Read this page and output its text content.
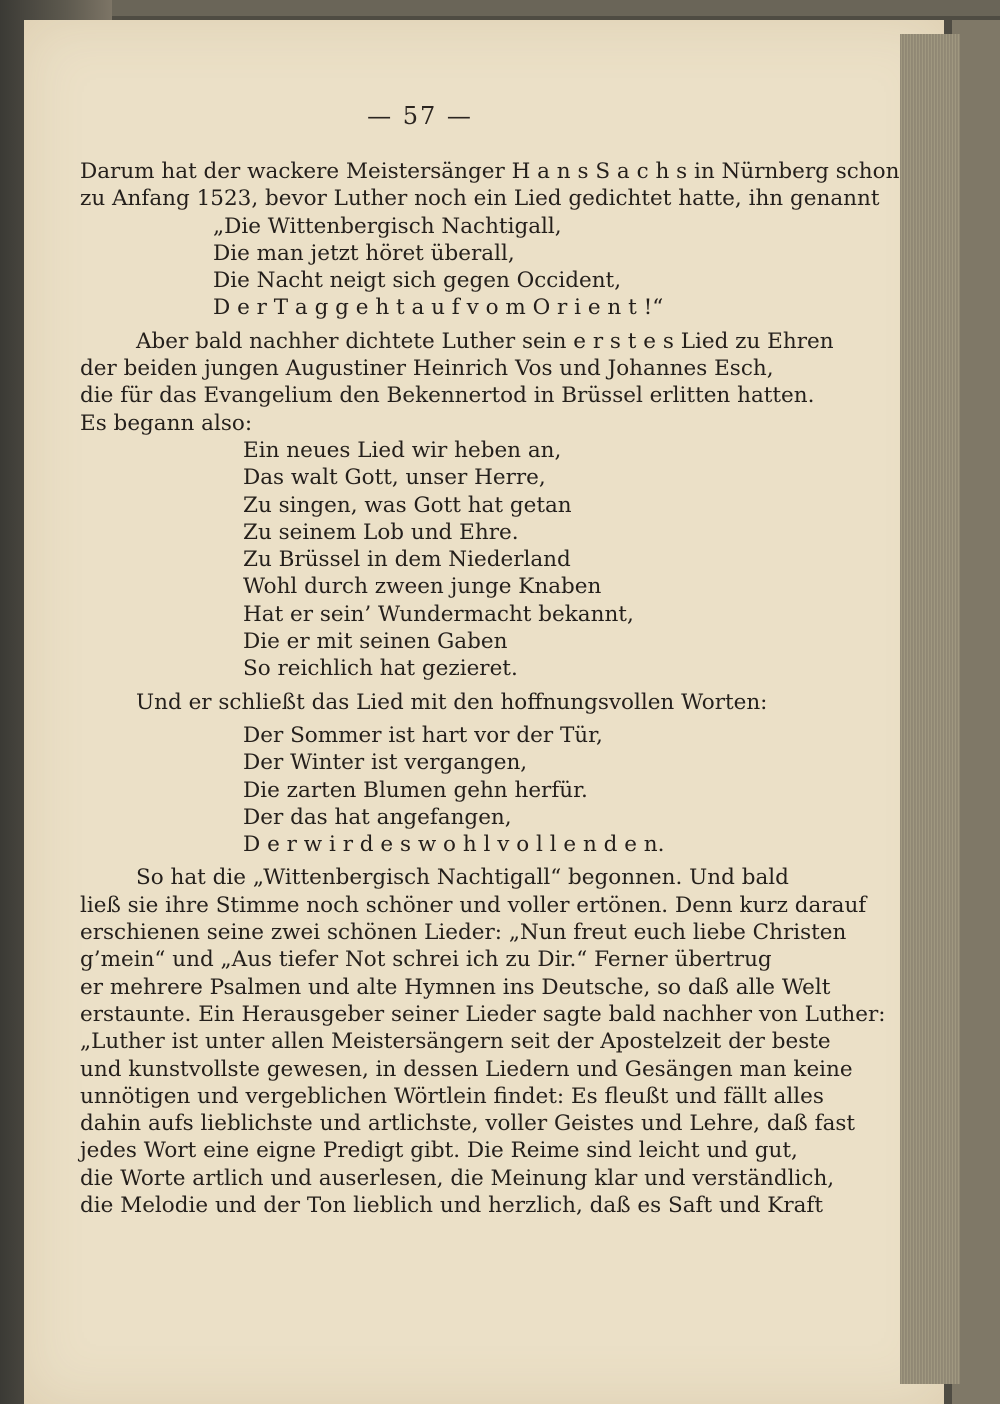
— 57 —
Darum hat der wackere Meistersänger H a n s S a c h s in Nürnberg schon
zu Anfang 1523, bevor Luther noch ein Lied gedichtet hatte, ihn genannt
„Die Wittenbergisch Nachtigall,
Die man jetzt höret überall,
Die Nacht neigt sich gegen Occident,
D e r T a g g e h t a u f v o m O r i e n t !“
Aber bald nachher dichtete Luther sein e r s t e s Lied zu Ehren
der beiden jungen Augustiner Heinrich Vos und Johannes Esch,
die für das Evangelium den Bekennertod in Brüssel erlitten hatten.
Es begann also:
Ein neues Lied wir heben an,
Das walt Gott, unser Herre,
Zu singen, was Gott hat getan
Zu seinem Lob und Ehre.
Zu Brüssel in dem Niederland
Wohl durch zween junge Knaben
Hat er sein’ Wundermacht bekannt,
Die er mit seinen Gaben
So reichlich hat gezieret.
Und er schließt das Lied mit den hoffnungsvollen Worten:
Der Sommer ist hart vor der Tür,
Der Winter ist vergangen,
Die zarten Blumen gehn herfür.
Der das hat angefangen,
D e r w i r d e s w o h l v o l l e n d e n.
So hat die „Wittenbergisch Nachtigall“ begonnen. Und bald
ließ sie ihre Stimme noch schöner und voller ertönen. Denn kurz darauf
erschienen seine zwei schönen Lieder: „Nun freut euch liebe Christen
g’mein“ und „Aus tiefer Not schrei ich zu Dir.“ Ferner übertrug
er mehrere Psalmen und alte Hymnen ins Deutsche, so daß alle Welt
erstaunte. Ein Herausgeber seiner Lieder sagte bald nachher von Luther:
„Luther ist unter allen Meistersängern seit der Apostelzeit der beste
und kunstvollste gewesen, in dessen Liedern und Gesängen man keine
unnötigen und vergeblichen Wörtlein findet: Es fleußt und fällt alles
dahin aufs lieblichste und artlichste, voller Geistes und Lehre, daß fast
jedes Wort eine eigne Predigt gibt. Die Reime sind leicht und gut,
die Worte artlich und auserlesen, die Meinung klar und verständlich,
die Melodie und der Ton lieblich und herzlich, daß es Saft und Kraft
